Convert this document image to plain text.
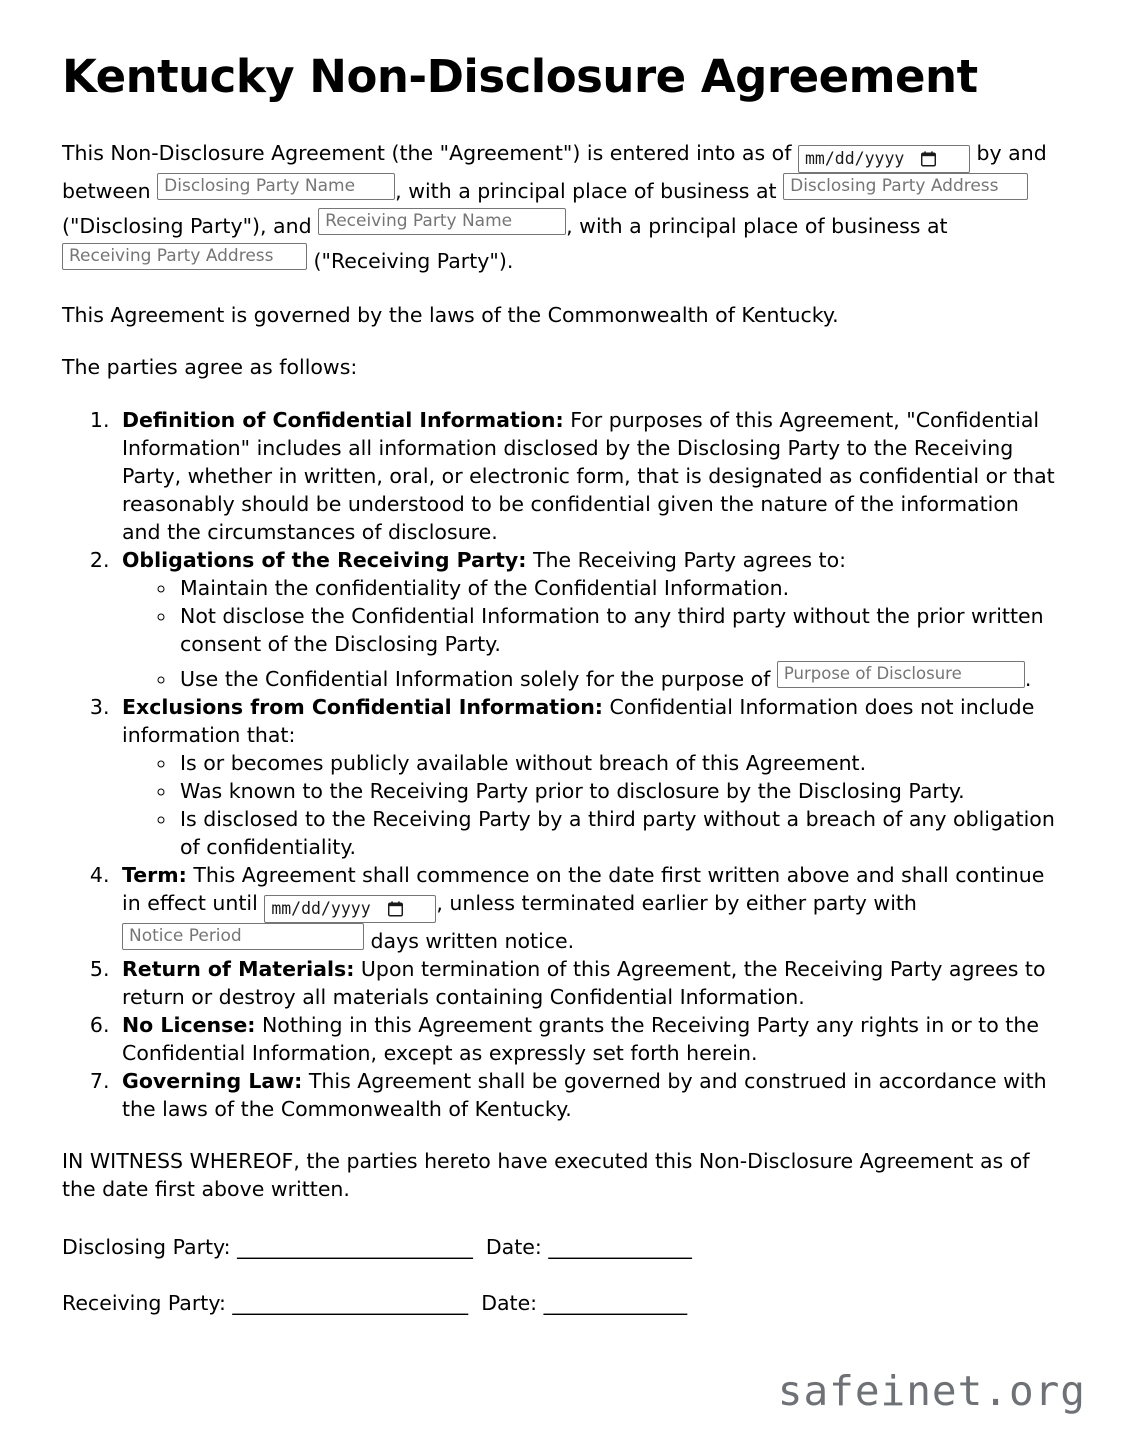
Kentucky Non-Disclosure Agreement

This Non-Disclosure Agreement (the "Agreement") is entered into as of mm/dd/yyyy	by and between Disclosing Party Name , with a principal place of business at Disclosing Party Address ("Disclosing Party"), and Receiving Party Name	, with a principal place of business at Receiving Party Address ("Receiving Party").

This Agreement is governed by the laws of the Commonwealth of Kentucky.

The parties agree as follows:

1. Definition of Confidential Information: For purposes of this Agreement, "Confidential Information" includes all information disclosed by the Disclosing Party to the Receiving Party, whether in written, oral, or electronic form, that is designated as confidential or that reasonably should be understood to be confidential given the nature of the information and the circumstances of disclosure.
2. Obligations of the Receiving Party: The Receiving Party agrees to:
◦ Maintain the confidentiality of the Confidential Information.
◦ Not disclose the Confidential Information to any third party without the prior written consent of the Disclosing Party.
◦ Use the Confidential Information solely for the purpose of Purpose of Disclosure	.
3. Exclusions from Confidential Information: Confidential Information does not include information that:
◦ Is or becomes publicly available without breach of this Agreement.
◦ Was known to the Receiving Party prior to disclosure by the Disclosing Party.
◦ Is disclosed to the Receiving Party by a third party without a breach of any obligation of confidentiality.
4. Term: This Agreement shall commence on the date first written above and shall continue in effect until mm/dd/yyyy	, unless terminated earlier by either party with Notice Period	days written notice.
5. Return of Materials: Upon termination of this Agreement, the Receiving Party agrees to return or destroy all materials containing Confidential Information.
6. No License: Nothing in this Agreement grants the Receiving Party any rights in or to the Confidential Information, except as expressly set forth herein.
7. Governing Law: This Agreement shall be governed by and construed in accordance with the laws of the Commonwealth of Kentucky.

IN WITNESS WHEREOF, the parties hereto have executed this Non-Disclosure Agreement as of the date first above written.

Disclosing Party: _______________________  Date: ______________

Receiving Party: _______________________  Date: ______________

safeinet.org
